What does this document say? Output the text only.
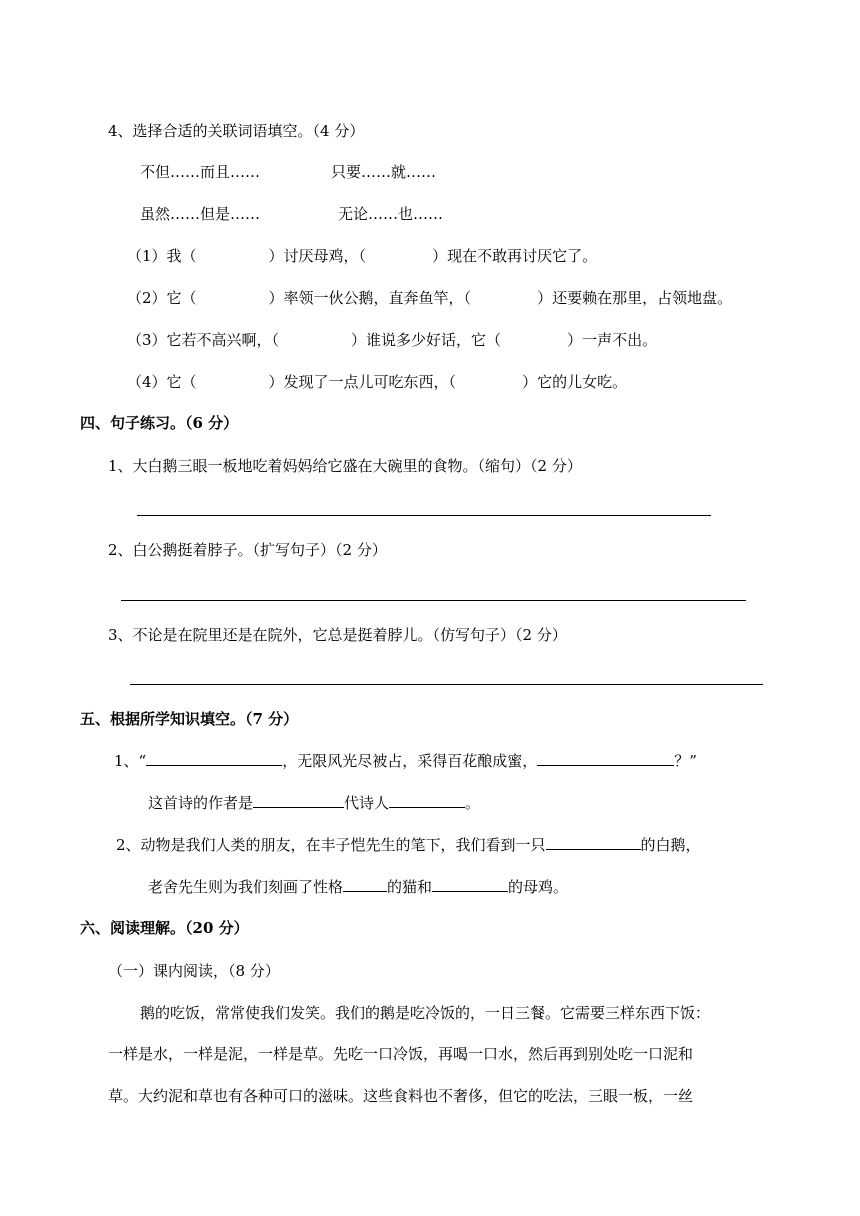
4、选择合适的关联词语填空。（4 分）
不但……而且……	只要……就……
虽然……但是……	无论……也……
（1）我（	）讨厌母鸡，（	）现在不敢再讨厌它了。
（2）它（	）率领一伙公鹅，直奔鱼竿，（	）还要赖在那里，占领地盘。
（3）它若不高兴啊，（	）谁说多少好话，它（	）一声不出。
（4）它（	）发现了一点儿可吃东西，（	）它的儿女吃。
四、句子练习。（6 分）
1、大白鹅三眼一板地吃着妈妈给它盛在大碗里的食物。（缩句）（2 分）
2、白公鹅挺着脖子。（扩写句子）（2 分）
3、不论是在院里还是在院外，它总是挺着脖儿。（仿写句子）（2 分）
五、根据所学知识填空。（7 分）
1、“	，无限风光尽被占，采得百花酿成蜜，	？”
这首诗的作者是	代诗人	。
2、动物是我们人类的朋友，在丰子恺先生的笔下，我们看到一只	的白鹅，
老舍先生则为我们刻画了性格	的猫和	的母鸡。
六、阅读理解。（20 分）
（一）课内阅读，（8 分）
鹅的吃饭，常常使我们发笑。我们的鹅是吃冷饭的，一日三餐。它需要三样东西下饭：
一样是水，一样是泥，一样是草。先吃一口冷饭，再喝一口水，然后再到别处吃一口泥和
草。大约泥和草也有各种可口的滋味。这些食料也不奢侈，但它的吃法，三眼一板，一丝
